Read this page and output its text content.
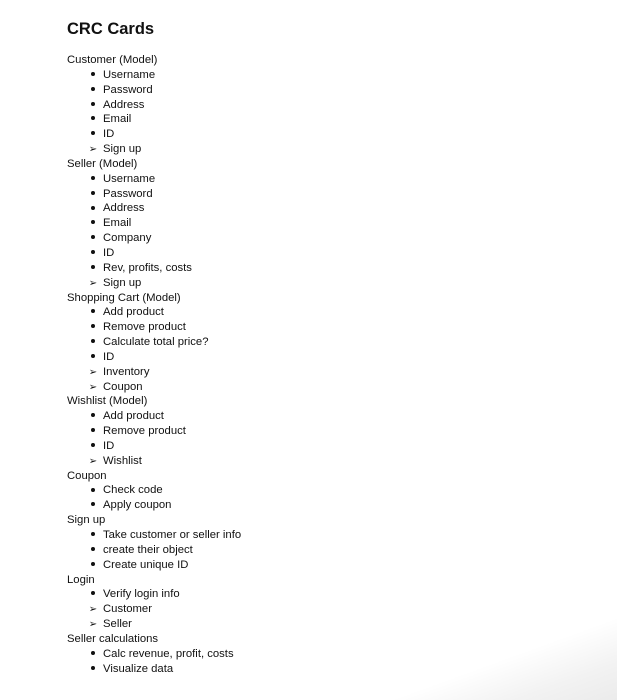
CRC Cards
Customer (Model)
Username
Password
Address
Email
ID
➢
Sign up
Seller (Model)
Username
Password
Address
Email
Company
ID
Rev, profits, costs
➢
Sign up
Shopping Cart (Model)
Add product
Remove product
Calculate total price?
ID
➢
Inventory
➢
Coupon
Wishlist (Model)
Add product
Remove product
ID
➢
Wishlist
Coupon
Check code
Apply coupon
Sign up
Take customer or seller info
create their object
Create unique ID
Login
Verify login info
➢
Customer
➢
Seller
Seller calculations
Calc revenue, profit, costs
Visualize data
